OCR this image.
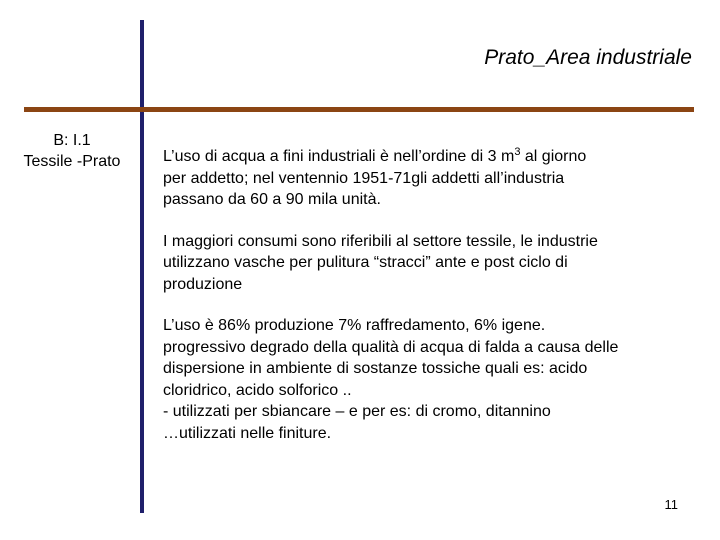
Prato_Area industriale
B: I.1
Tessile -Prato	L’uso di acqua a fini industriali è nell’ordine di 3 $m^3$ al giorno
per addetto; nel ventennio 1951-71gli addetti all’industria
passano da 60 a 90 mila unità.

I maggiori consumi sono riferibili al settore tessile, le industrie
utilizzano vasche per pulitura “stracci” ante e post ciclo di
produzione

L’uso è 86% produzione 7% raffredamento, 6% igene.
progressivo degrado della qualità di acqua di falda a causa delle
dispersione in ambiente di sostanze tossiche quali es: acido
cloridrico, acido solforico ..
- utilizzati per sbiancare – e per es: di cromo, ditannino
…utilizzati nelle finiture.

11
